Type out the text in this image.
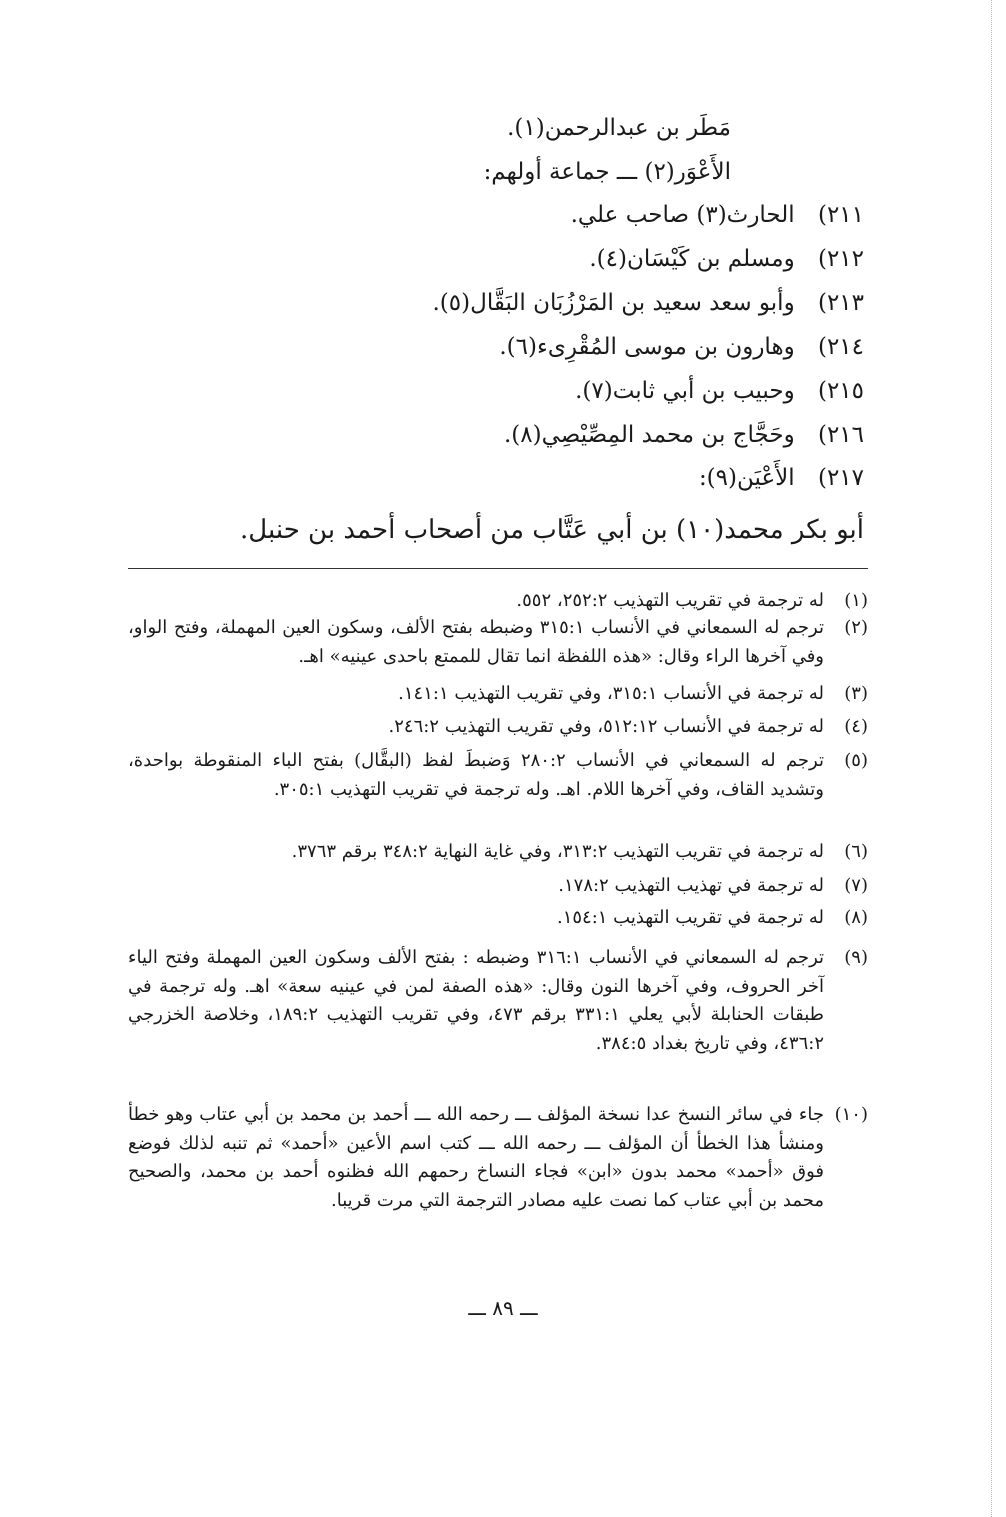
مَطَر بن عبدالرحمن(١).
الأَعْوَر(٢) ـــ جماعة أولهم:
٢١١) الحارث(٣) صاحب علي.
٢١٢) ومسلم بن كَيْسَان(٤).
٢١٣) وأبو سعد سعيد بن المَرْزُبَان البَقَّال(٥).
٢١٤) وهارون بن موسى المُقْرِىء(٦).
٢١٥) وحبيب بن أبي ثابت(٧).
٢١٦) وحَجَّاج بن محمد المِصِّيْصِي(٨).
٢١٧) الأَعْيَن(٩):
أبو بكر محمد(١٠) بن أبي عَتَّاب من أصحاب أحمد بن حنبل.
(١)
له ترجمة في تقريب التهذيب ٢٥٢:٢، ٥٥٢.
(٢)
ترجم له السمعاني في الأنساب ٣١٥:١ وضبطه بفتح الألف، وسكون العين المهملة، وفتح الواو، وفي آخرها الراء وقال: «هذه اللفظة انما تقال للممتع باحدى عينيه» اهـ.
(٣)
له ترجمة في الأنساب ٣١٥:١، وفي تقريب التهذيب ١٤١:١.
(٤)
له ترجمة في الأنساب ٥١٢:١٢، وفي تقريب التهذيب ٢٤٦:٢.
(٥)
ترجم له السمعاني في الأنساب ٢٨٠:٢ وَضبطَ لفظ (البقَّال) بفتح الباء المنقوطة بواحدة، وتشديد القاف، وفي آخرها اللام. اهـ. وله ترجمة في تقريب التهذيب ٣٠٥:١.
(٦)
له ترجمة في تقريب التهذيب ٣١٣:٢، وفي غاية النهاية ٣٤٨:٢ برقم ٣٧٦٣.
(٧)
له ترجمة في تهذيب التهذيب ١٧٨:٢.
(٨)
له ترجمة في تقريب التهذيب ١٥٤:١.
(٩)
ترجم له السمعاني في الأنساب ٣١٦:١ وضبطه : بفتح الألف وسكون العين المهملة وفتح الياء آخر الحروف، وفي آخرها النون وقال: «هذه الصفة لمن في عينيه سعة» اهـ. وله ترجمة في طبقات الحنابلة لأبي يعلي ٣٣١:١ برقم ٤٧٣، وفي تقريب التهذيب ١٨٩:٢، وخلاصة الخزرجي ٤٣٦:٢، وفي تاريخ بغداد ٣٨٤:٥.
(١٠)
جاء في سائر النسخ عدا نسخة المؤلف ـــ رحمه الله ـــ أحمد بن محمد بن أبي عتاب وهو خطأ ومنشأ هذا الخطأ أن المؤلف ـــ رحمه الله ـــ كتب اسم الأعين «أحمد» ثم تنبه لذلك فوضع فوق «أحمد» محمد بدون «ابن» فجاء النساخ رحمهم الله فظنوه أحمد بن محمد، والصحيح محمد بن أبي عتاب كما نصت عليه مصادر الترجمة التي مرت قريبا.
ـــ ٨٩ ـــ
